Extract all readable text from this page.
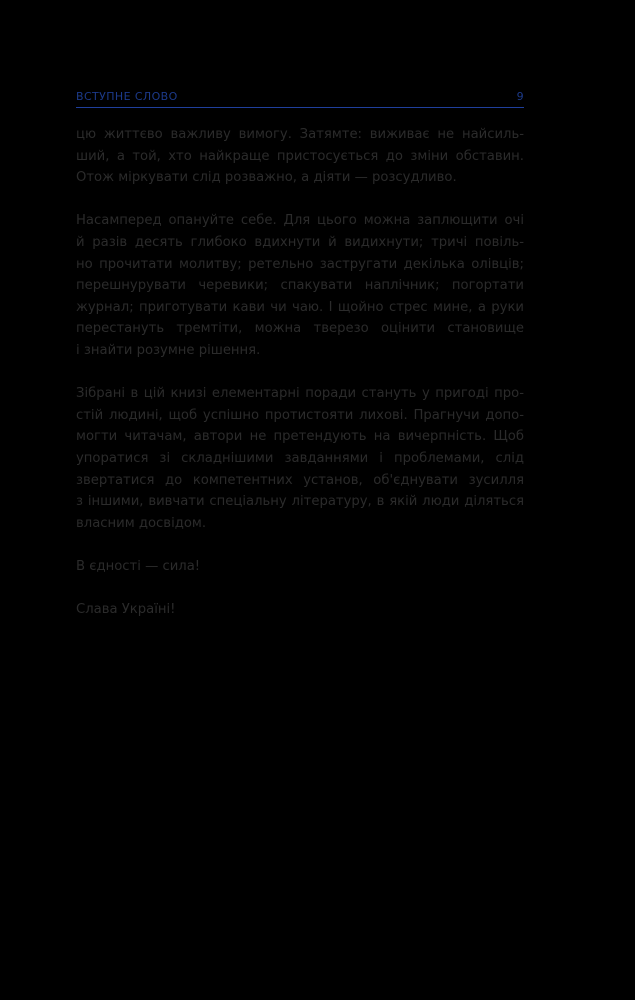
ВСТУПНЕ СЛОВО	9

цю життєво важливу вимогу. Затямте: виживає не найсиль-
ший, а той, хто найкраще пристосується до зміни обставин.
Отож міркувати слід розважно, а діяти — розсудливо.

Насамперед опануйте себе. Для цього можна заплющити очі
й разів десять глибоко вдихнути й видихнути; тричі повіль-
но прочитати молитву; ретельно застругати декілька олівців;
перешнурувати черевики; спакувати наплічник; погортати
журнал; приготувати кави чи чаю. І щойно стрес мине, а руки
перестануть тремтіти, можна тверезо оцінити становище
і знайти розумне рішення.

Зібрані в цій книзі елементарні поради стануть у пригоді про-
стій людині, щоб успішно протистояти лихові. Прагнучи допо-
могти читачам, автори не претендують на вичерпність. Щоб
упоратися зі складнішими завданнями і проблемами, слід
звертатися до компетентних установ, об'єднувати зусилля
з іншими, вивчати спеціальну літературу, в якій люди діляться
власним досвідом.

В єдності — сила!

Слава Україні!
